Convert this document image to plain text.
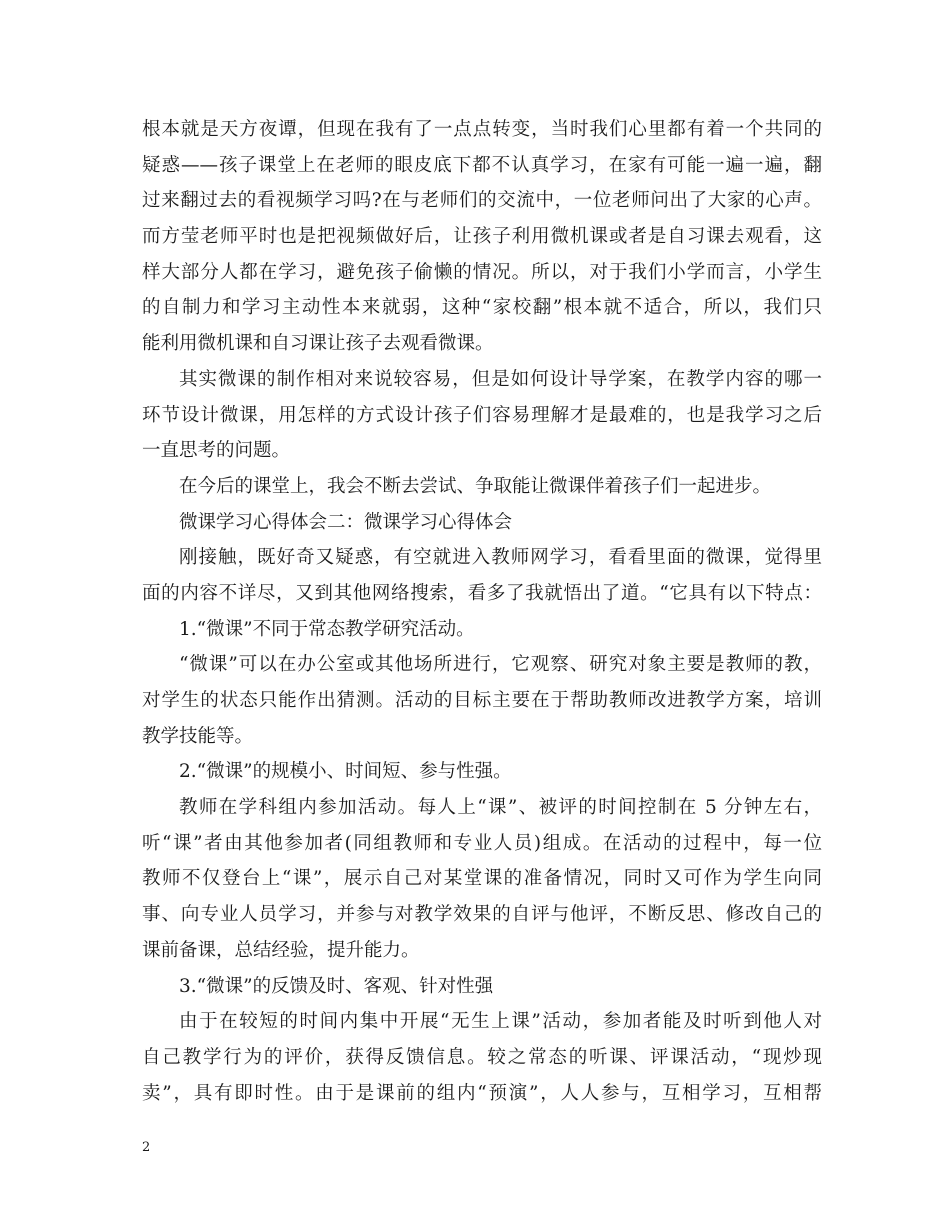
根本就是天方夜谭，但现在我有了一点点转变，当时我们心里都有着一个共同的
疑惑——孩子课堂上在老师的眼皮底下都不认真学习，在家有可能一遍一遍，翻
过来翻过去的看视频学习吗?在与老师们的交流中，一位老师问出了大家的心声。
而方莹老师平时也是把视频做好后，让孩子利用微机课或者是自习课去观看，这
样大部分人都在学习，避免孩子偷懒的情况。所以，对于我们小学而言，小学生
的自制力和学习主动性本来就弱，这种“家校翻”根本就不适合，所以，我们只
能利用微机课和自习课让孩子去观看微课。
其实微课的制作相对来说较容易，但是如何设计导学案，在教学内容的哪一
环节设计微课，用怎样的方式设计孩子们容易理解才是最难的，也是我学习之后
一直思考的问题。
在今后的课堂上，我会不断去尝试、争取能让微课伴着孩子们一起进步。
微课学习心得体会二：微课学习心得体会
刚接触，既好奇又疑惑，有空就进入教师网学习，看看里面的微课，觉得里
面的内容不详尽，又到其他网络搜索，看多了我就悟出了道。“它具有以下特点：
1.“微课”不同于常态教学研究活动。
“微课”可以在办公室或其他场所进行，它观察、研究对象主要是教师的教，
对学生的状态只能作出猜测。活动的目标主要在于帮助教师改进教学方案，培训
教学技能等。
2.“微课”的规模小、时间短、参与性强。
教师在学科组内参加活动。每人上“课”、被评的时间控制在 5 分钟左右，
听“课”者由其他参加者(同组教师和专业人员)组成。在活动的过程中，每一位
教师不仅登台上“课”，展示自己对某堂课的准备情况，同时又可作为学生向同
事、向专业人员学习，并参与对教学效果的自评与他评，不断反思、修改自己的
课前备课，总结经验，提升能力。
3.“微课”的反馈及时、客观、针对性强
由于在较短的时间内集中开展“无生上课”活动，参加者能及时听到他人对
自己教学行为的评价，获得反馈信息。较之常态的听课、评课活动，“现炒现
卖”，具有即时性。由于是课前的组内“预演”，人人参与，互相学习，互相帮
2
